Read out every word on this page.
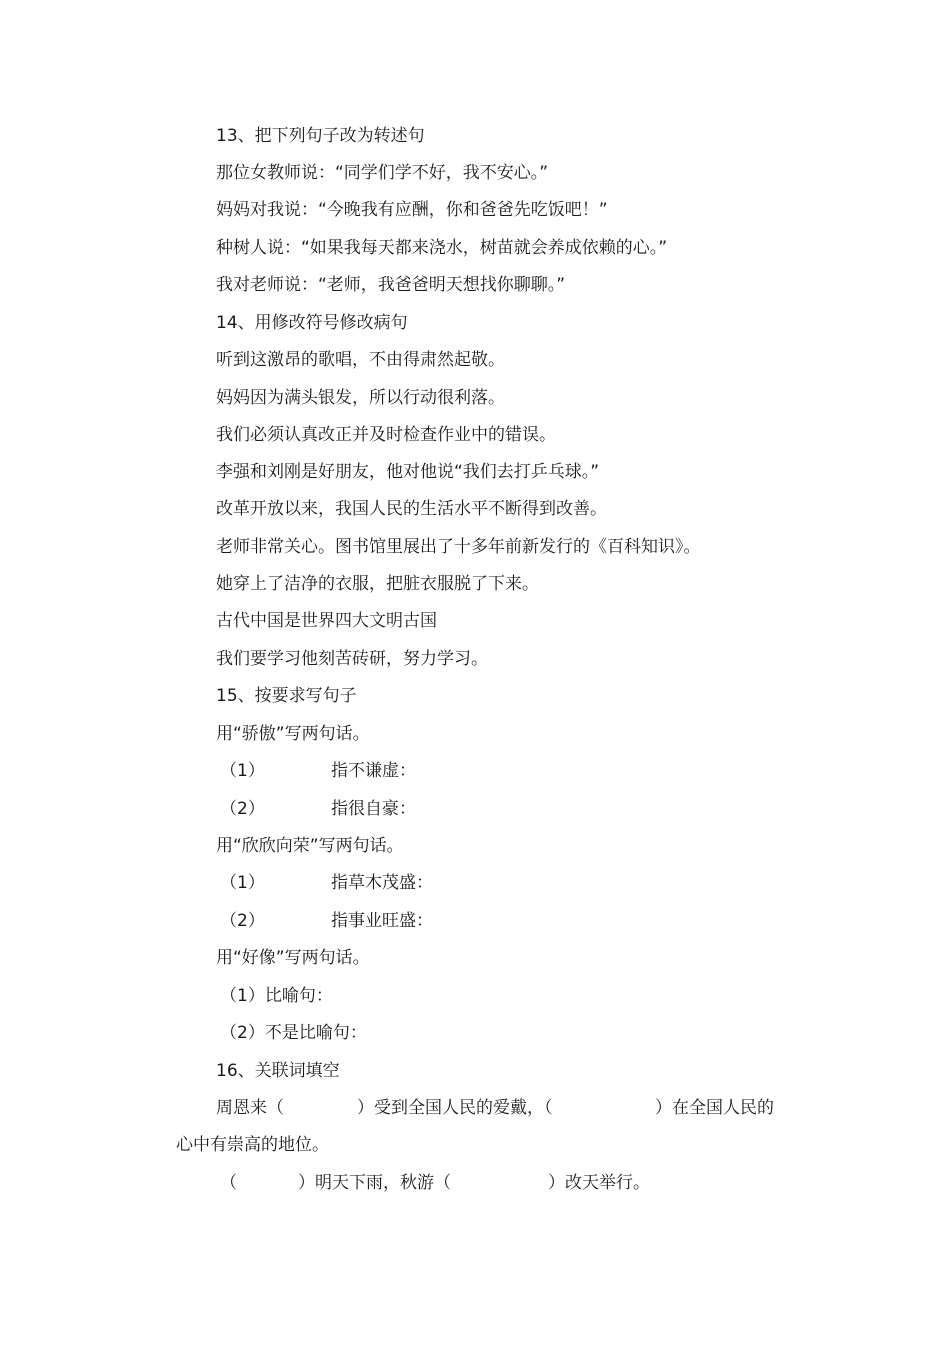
13、把下列句子改为转述句
那位女教师说：“同学们学不好，我不安心。”
妈妈对我说：“今晚我有应酬，你和爸爸先吃饭吧！”
种树人说：“如果我每天都来浇水，树苗就会养成依赖的心。”
我对老师说：“老师，我爸爸明天想找你聊聊。”
14、用修改符号修改病句
听到这激昂的歌唱，不由得肃然起敬。
妈妈因为满头银发，所以行动很利落。
我们必须认真改正并及时检查作业中的错误。
李强和刘刚是好朋友，他对他说“我们去打乒乓球。”
改革开放以来，我国人民的生活水平不断得到改善。
老师非常关心。图书馆里展出了十多年前新发行的《百科知识》。
她穿上了洁净的衣服，把脏衣服脱了下来。
古代中国是世界四大文明古国
我们要学习他刻苦砖研，努力学习。
15、按要求写句子
用“骄傲”写两句话。
（1）	指不谦虚：
（2）	指很自豪：
用“欣欣向荣”写两句话。
（1）	指草木茂盛：
（2）	指事业旺盛：
用“好像”写两句话。
（1）比喻句：
（2）不是比喻句：
16、关联词填空
周恩来（	）受到全国人民的爱戴，（	）在全国人民的
心中有崇高的地位。
（	）明天下雨，秋游（	）改天举行。
